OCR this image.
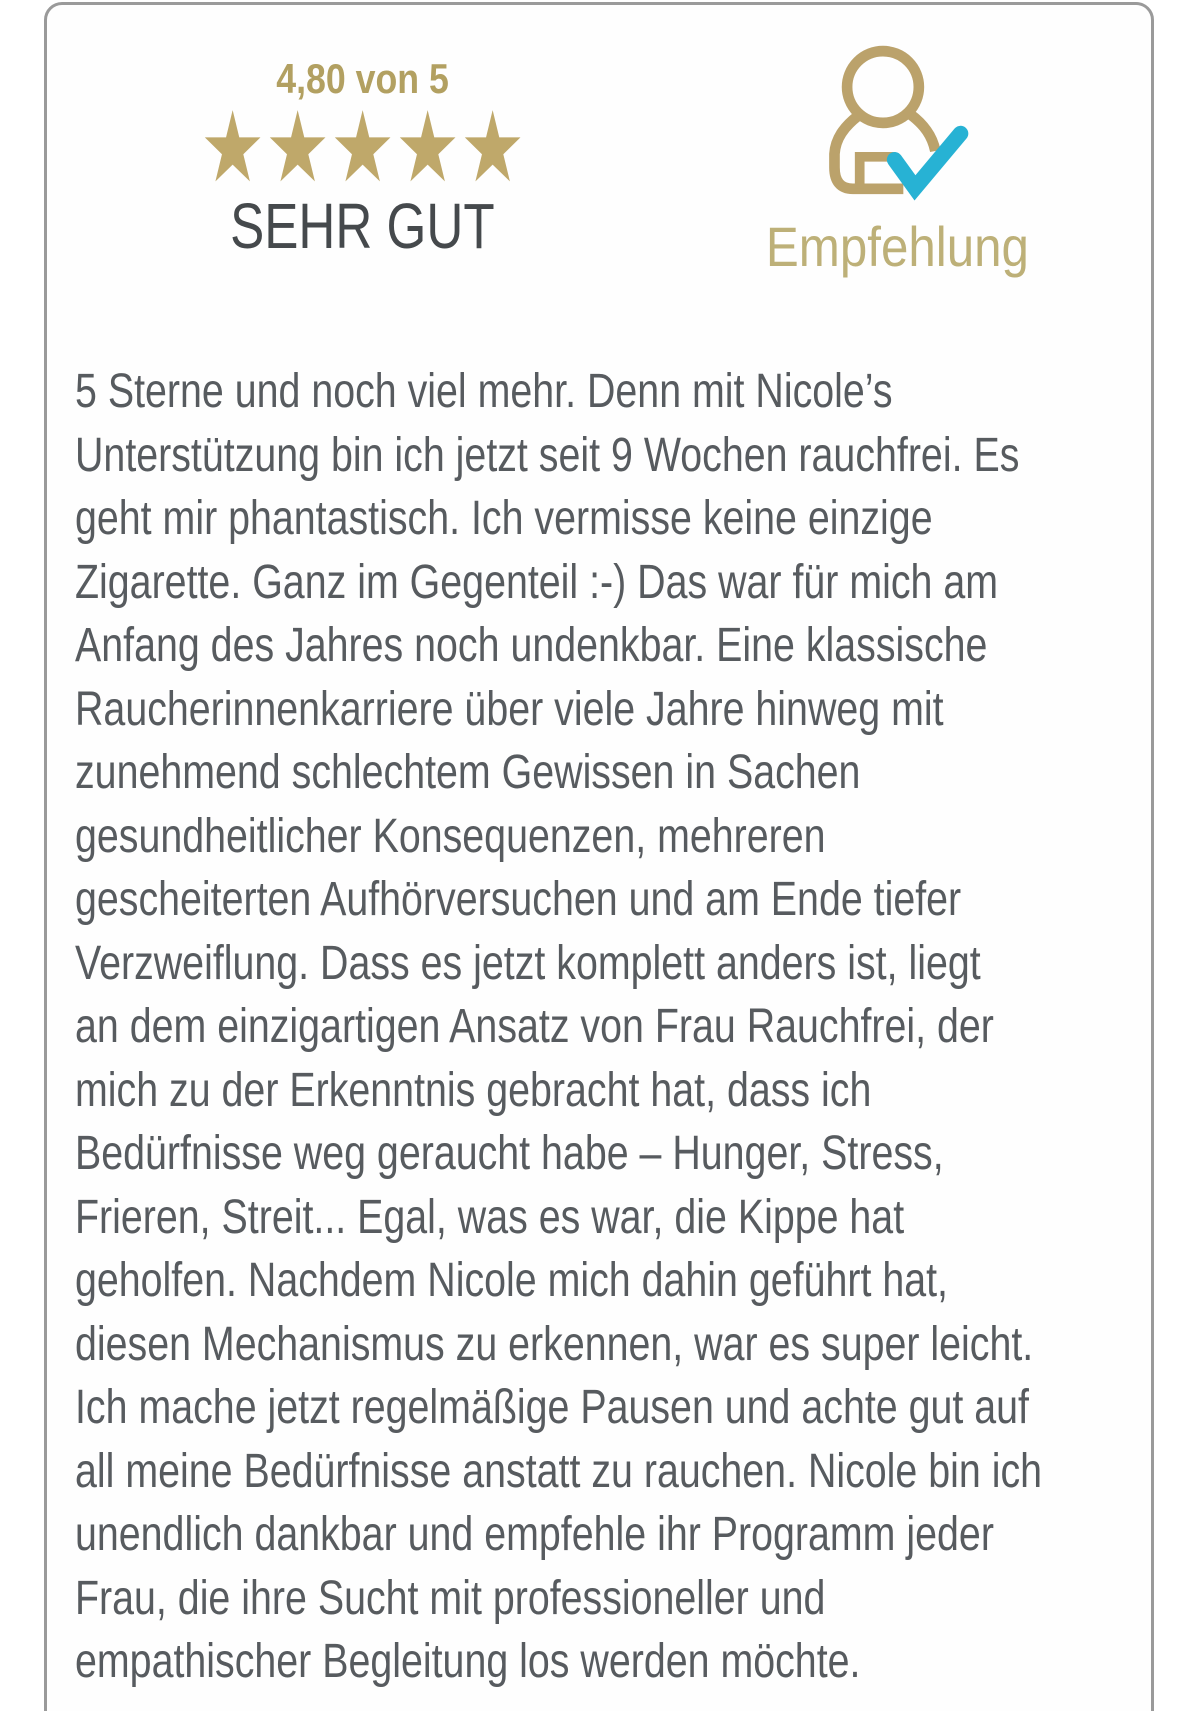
4,80 von 5
★★★★★
SEHR GUT	Empfehlung
5 Sterne und noch viel mehr. Denn mit Nicole’s
Unterstützung bin ich jetzt seit 9 Wochen rauchfrei. Es
geht mir phantastisch. Ich vermisse keine einzige
Zigarette. Ganz im Gegenteil :-) Das war für mich am
Anfang des Jahres noch undenkbar. Eine klassische
Raucherinnenkarriere über viele Jahre hinweg mit
zunehmend schlechtem Gewissen in Sachen
gesundheitlicher Konsequenzen, mehreren
gescheiterten Aufhörversuchen und am Ende tiefer
Verzweiflung. Dass es jetzt komplett anders ist, liegt
an dem einzigartigen Ansatz von Frau Rauchfrei, der
mich zu der Erkenntnis gebracht hat, dass ich
Bedürfnisse weg geraucht habe – Hunger, Stress,
Frieren, Streit... Egal, was es war, die Kippe hat
geholfen. Nachdem Nicole mich dahin geführt hat,
diesen Mechanismus zu erkennen, war es super leicht.
Ich mache jetzt regelmäßige Pausen und achte gut auf
all meine Bedürfnisse anstatt zu rauchen. Nicole bin ich
unendlich dankbar und empfehle ihr Programm jeder
Frau, die ihre Sucht mit professioneller und
empathischer Begleitung los werden möchte.
